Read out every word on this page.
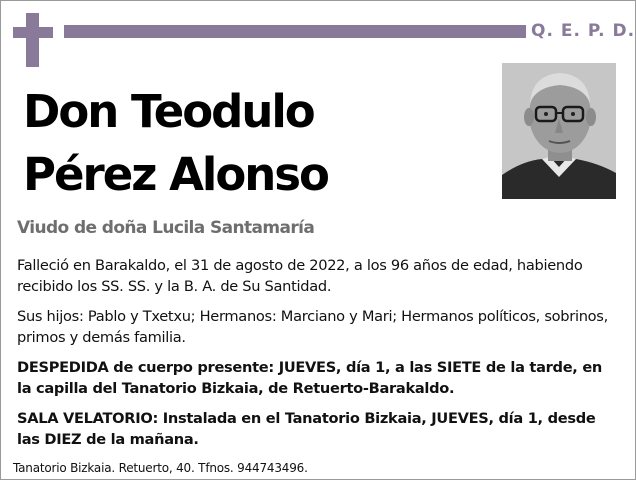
Q. E. P. D.
Don Teodulo
Pérez Alonso
Viudo de doña Lucila Santamaría

Falleció en Barakaldo, el 31 de agosto de 2022, a los 96 años de edad, habiendo recibido los SS. SS. y la B. A. de Su Santidad.

Sus hijos: Pablo y Txetxu; Hermanos: Marciano y Mari; Hermanos políticos, sobrinos, primos y demás familia.

DESPEDIDA de cuerpo presente: JUEVES, día 1, a las SIETE de la tarde, en la capilla del Tanatorio Bizkaia, de Retuerto-Barakaldo.

SALA VELATORIO: Instalada en el Tanatorio Bizkaia, JUEVES, día 1, desde las DIEZ de la mañana.

Tanatorio Bizkaia. Retuerto, 40. Tfnos. 944743496.
